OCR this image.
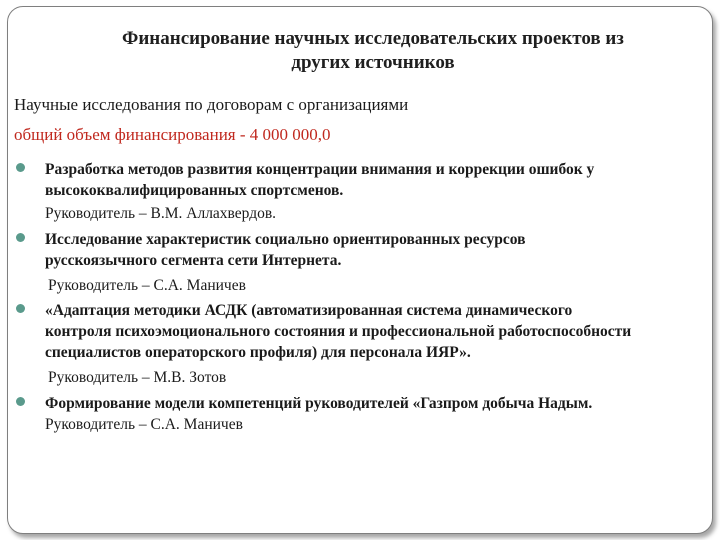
Финансирование научных исследовательских проектов из
других источников
Научные исследования по договорам с организациями
общий объем финансирования - 4 000 000,0
Разработка методов развития концентрации внимания и коррекции ошибок у
высококвалифицированных спортсменов.
Руководитель – В.М. Аллахвердов.
Исследование характеристик социально ориентированных ресурсов
русскоязычного сегмента сети Интернета.
Руководитель – С.А. Маничев
«Адаптация методики АСДК (автоматизированная система динамического
контроля психоэмоционального состояния и профессиональной работоспособности
специалистов операторского профиля) для персонала ИЯР».
Руководитель – М.В. Зотов
Формирование модели компетенций руководителей «Газпром добыча Надым.
Руководитель – С.А. Маничев
